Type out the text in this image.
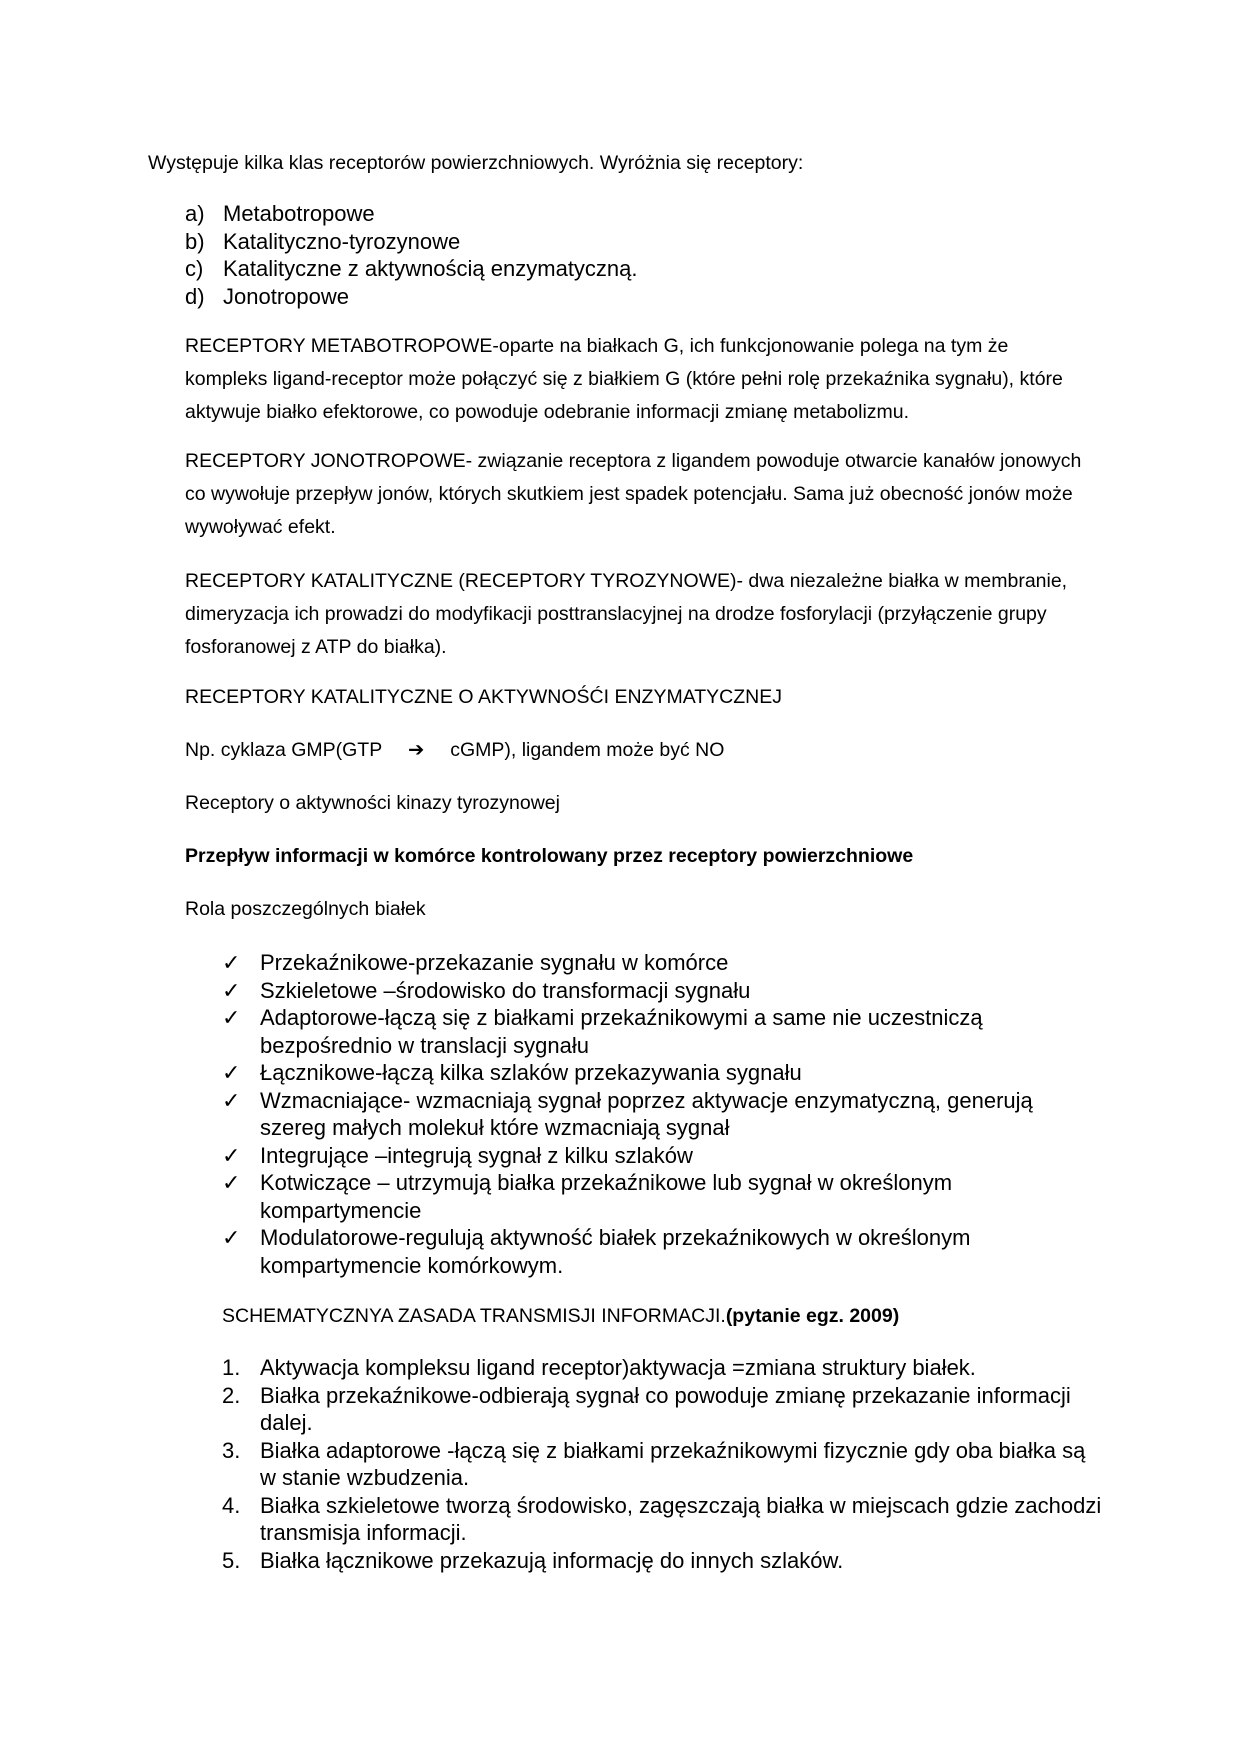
Występuje kilka klas receptorów powierzchniowych. Wyróżnia się receptory:
a) Metabotropowe
b) Katalityczno-tyrozynowe
c) Katalityczne z aktywnością enzymatyczną.
d) Jonotropowe
RECEPTORY METABOTROPOWE-oparte na białkach G, ich funkcjonowanie polega na tym że kompleks ligand-receptor może połączyć się z białkiem G (które pełni rolę przekaźnika sygnału), które aktywuje białko efektorowe, co powoduje odebranie informacji zmianę metabolizmu.
RECEPTORY JONOTROPOWE- związanie receptora z ligandem powoduje otwarcie kanałów jonowych co wywołuje przepływ jonów, których skutkiem jest spadek potencjału. Sama już obecność jonów może wywoływać efekt.
RECEPTORY KATALITYCZNE (RECEPTORY TYROZYNOWE)- dwa niezależne białka w membranie, dimeryzacja ich prowadzi do modyfikacji posttranslacyjnej na drodze fosforylacji (przyłączenie grupy fosforanowej z ATP do białka).
RECEPTORY KATALITYCZNE O AKTYWNOŚĆI ENZYMATYCZNEJ
Np. cyklaza GMP(GTP	➔	cGMP), ligandem może być NO
Receptory o aktywności kinazy tyrozynowej
Przepływ informacji w komórce kontrolowany przez receptory powierzchniowe
Rola poszczególnych białek
✓ Przekaźnikowe-przekazanie sygnału w komórce
✓ Szkieletowe –środowisko do transformacji sygnału
✓ Adaptorowe-łączą się z białkami przekaźnikowymi a same nie uczestniczą bezpośrednio w translacji sygnału
✓ Łącznikowe-łączą kilka szlaków przekazywania sygnału
✓ Wzmacniające- wzmacniają sygnał poprzez aktywacje enzymatyczną, generują szereg małych molekuł które wzmacniają sygnał
✓ Integrujące –integrują sygnał z kilku szlaków
✓ Kotwiczące – utrzymują białka przekaźnikowe lub sygnał w określonym kompartymencie
✓ Modulatorowe-regulują aktywność białek przekaźnikowych w określonym kompartymencie komórkowym.
SCHEMATYCZNYA ZASADA TRANSMISJI INFORMACJI.(pytanie egz. 2009)
1. Aktywacja kompleksu ligand receptor)aktywacja =zmiana struktury białek.
2. Białka przekaźnikowe-odbierają sygnał co powoduje zmianę przekazanie informacji dalej.
3. Białka adaptorowe -łączą się z białkami przekaźnikowymi fizycznie gdy oba białka są w stanie wzbudzenia.
4. Białka szkieletowe tworzą środowisko, zagęszczają białka w miejscach gdzie zachodzi transmisja informacji.
5. Białka łącznikowe przekazują informację do innych szlaków.
